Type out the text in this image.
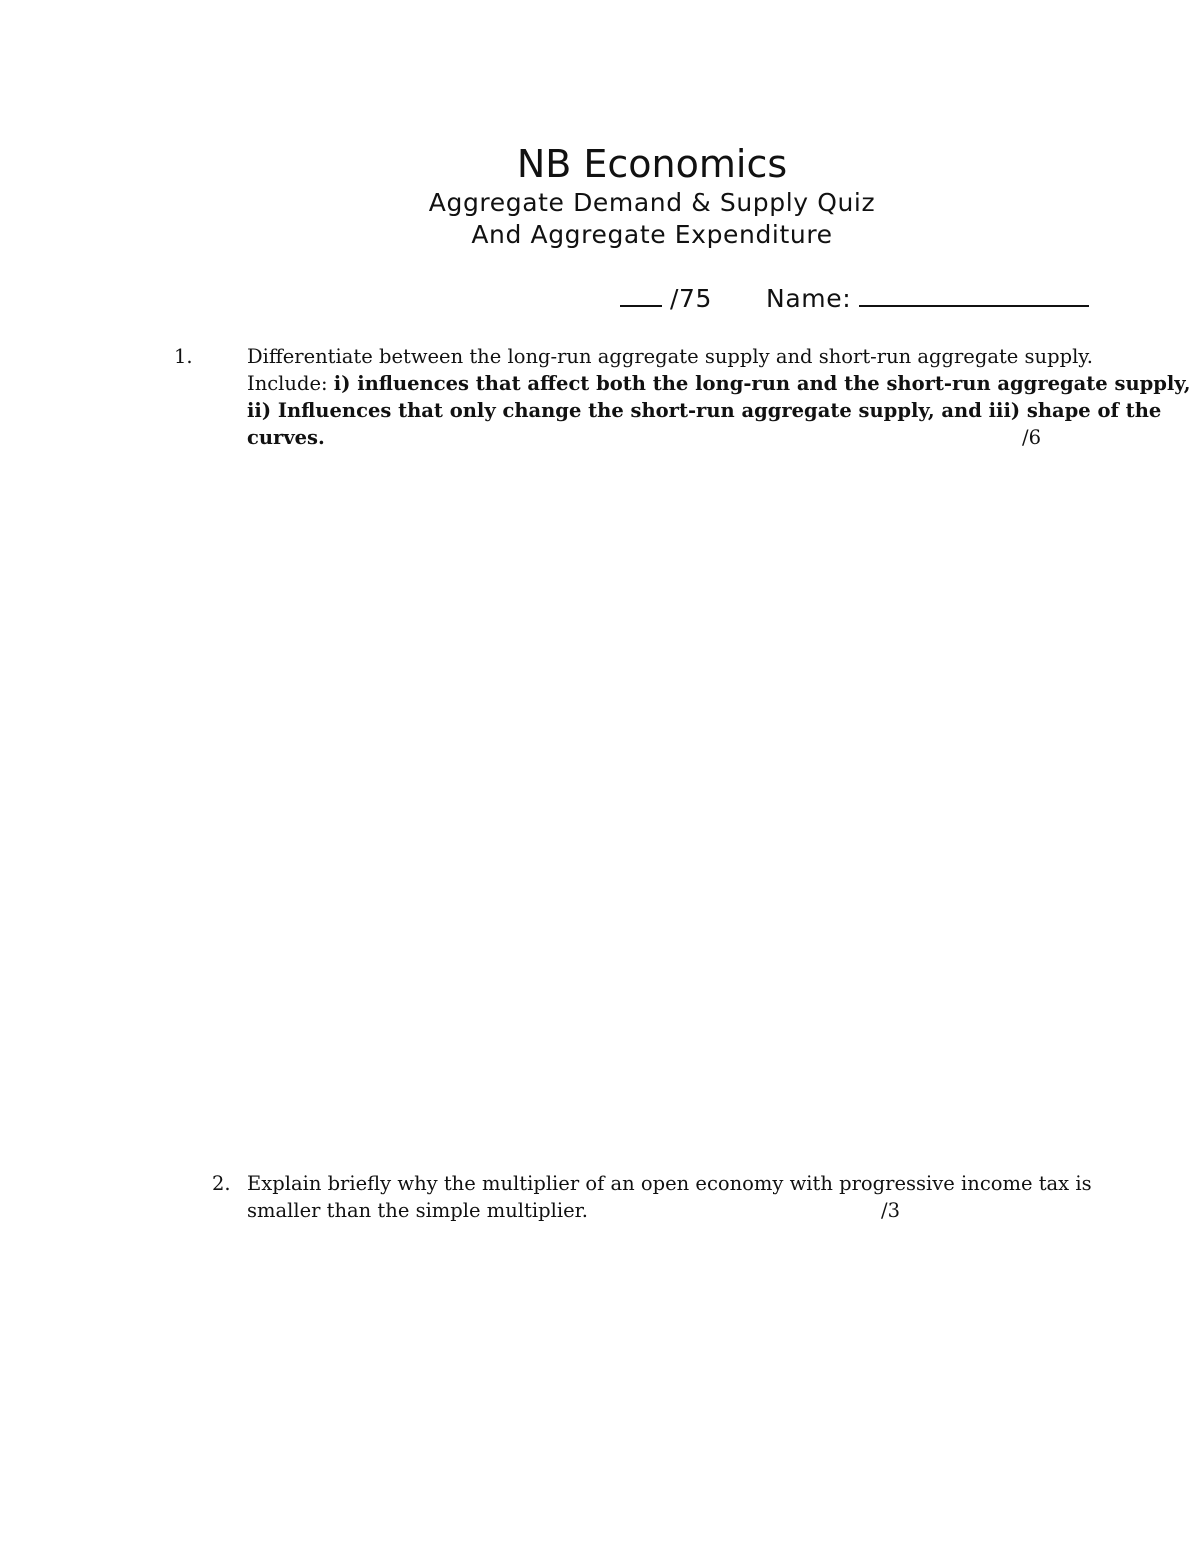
NB Economics
Aggregate Demand & Supply Quiz
And Aggregate Expenditure
/75 Name:
1.	Differentiate between the long-run aggregate supply and short-run aggregate supply.
Include: i) influences that affect both the long-run and the short-run aggregate supply,
ii) Influences that only change the short-run aggregate supply, and iii) shape of the
curves.	/6
2. Explain briefly why the multiplier of an open economy with progressive income tax is
smaller than the simple multiplier.	/3
